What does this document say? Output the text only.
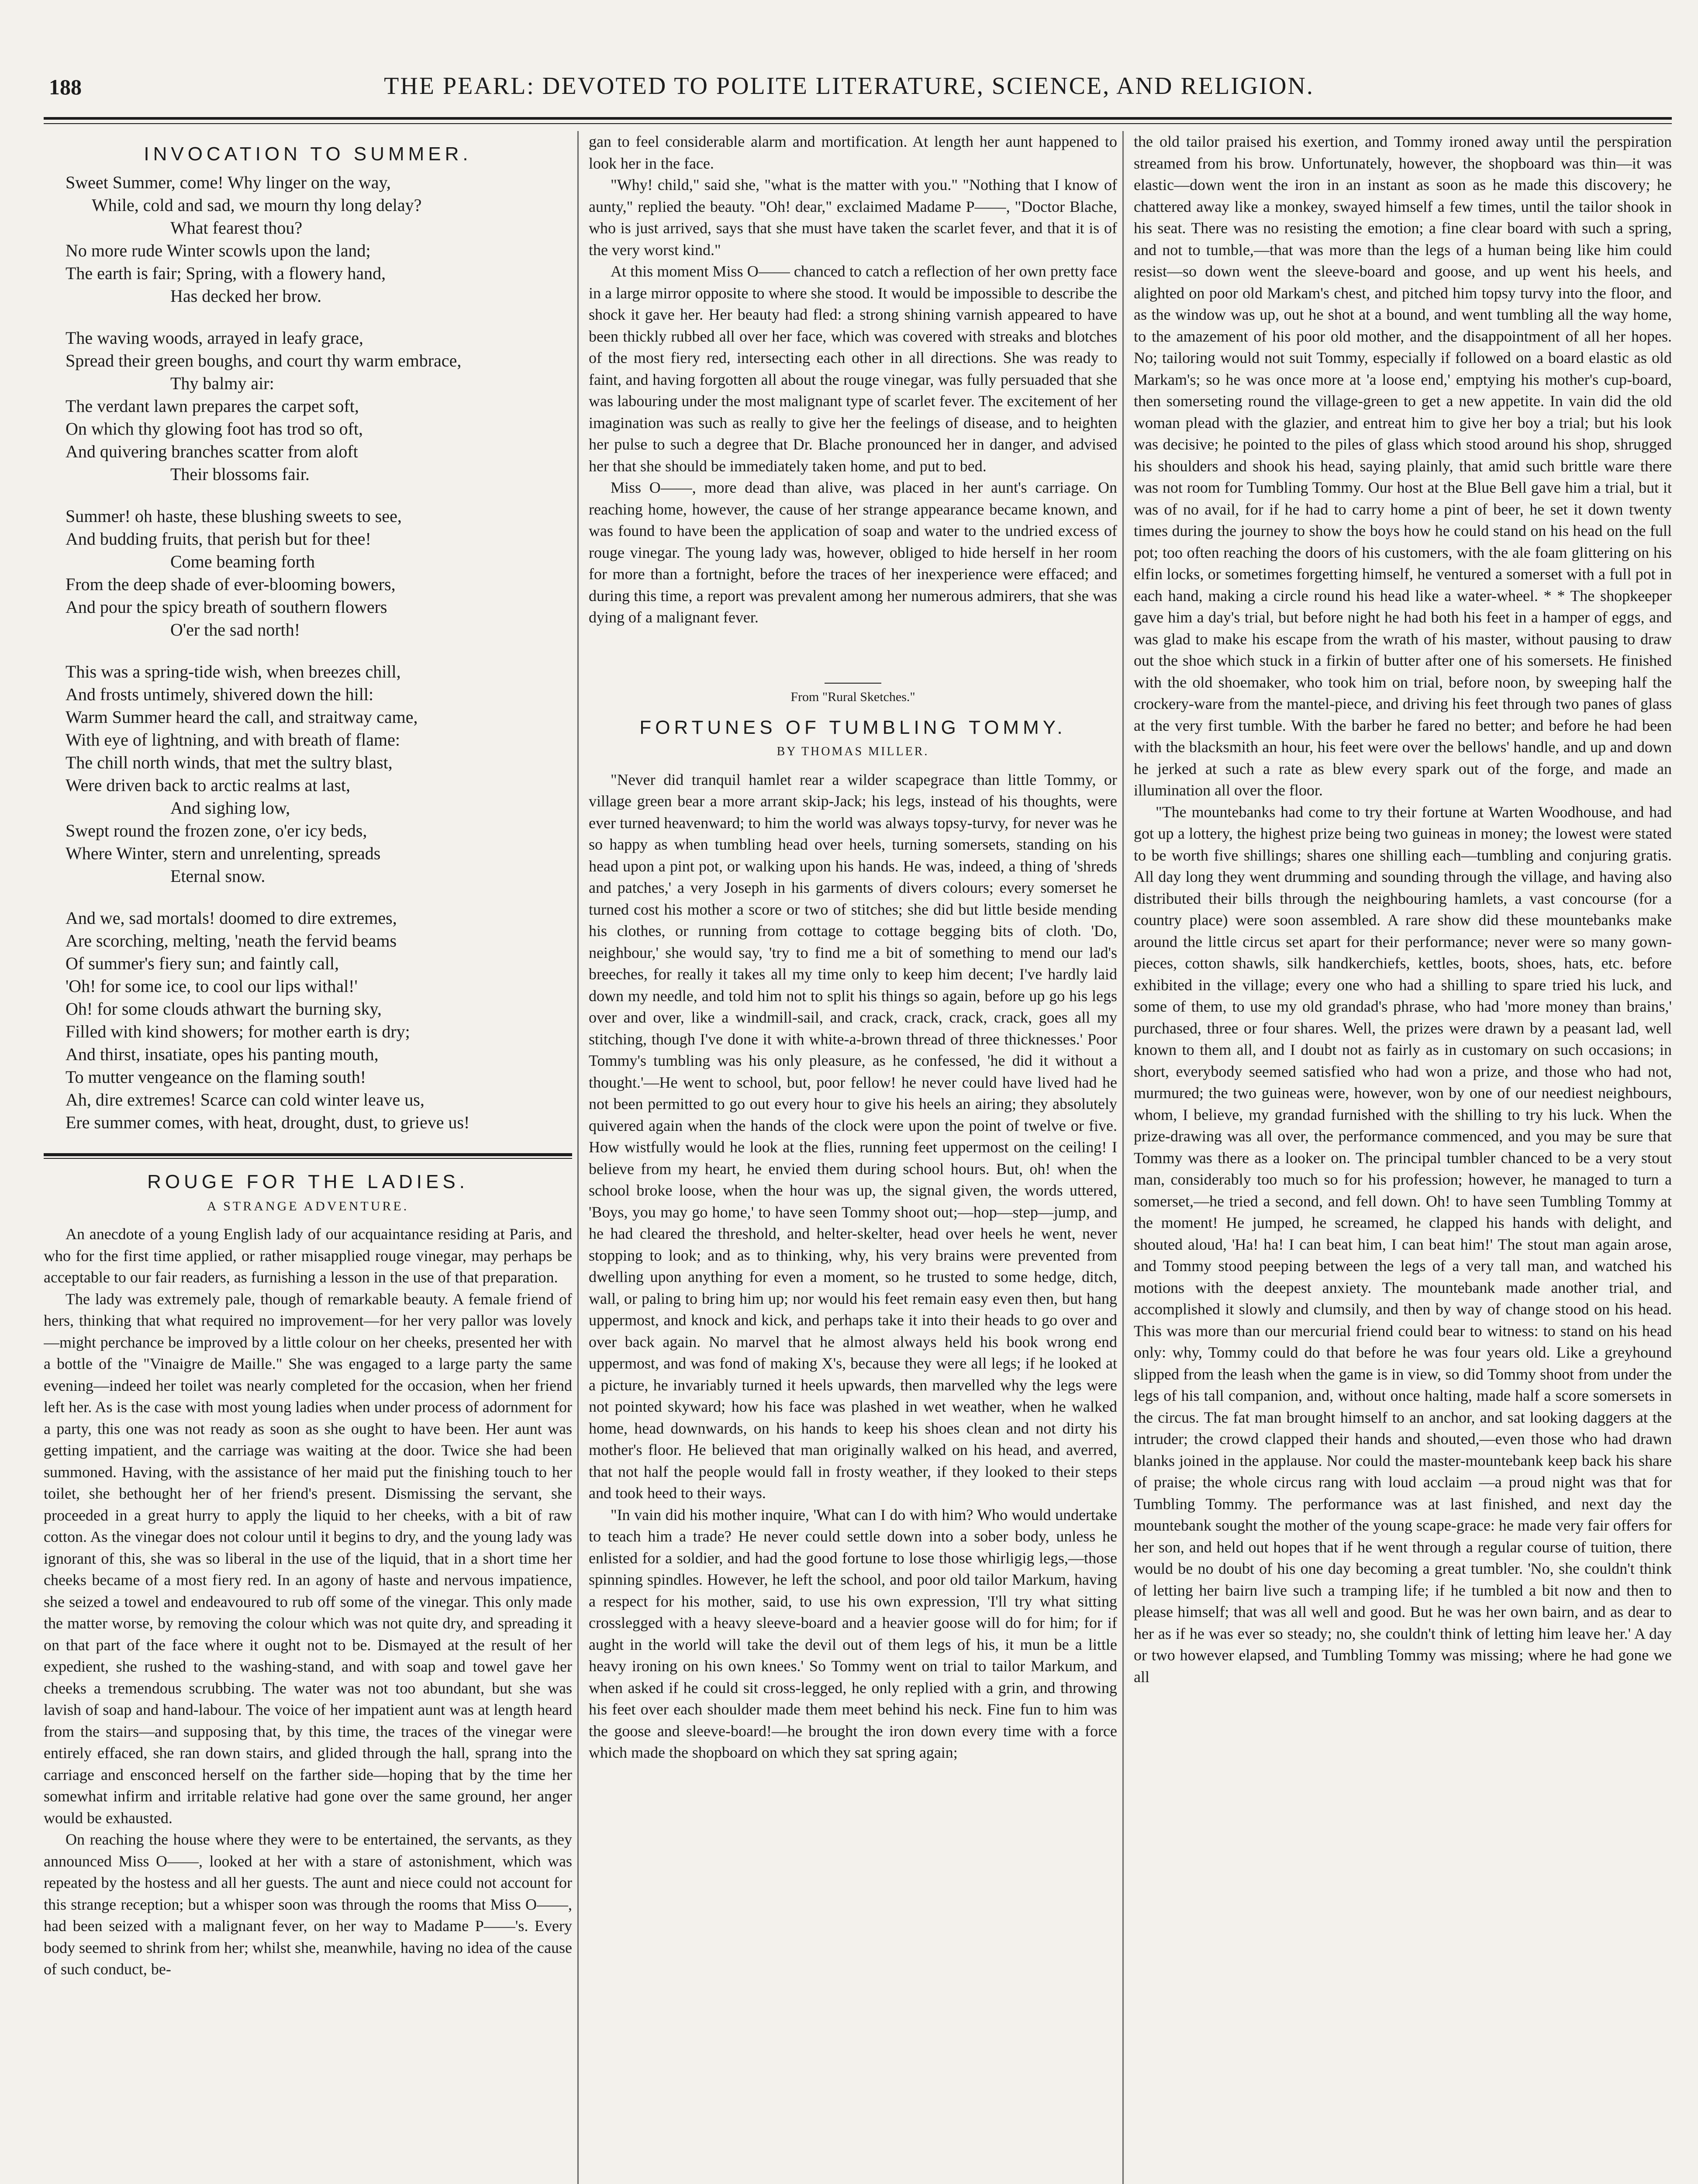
188	THE PEARL: DEVOTED TO POLITE LITERATURE, SCIENCE, AND RELIGION.
INVOCATION TO SUMMER.
Sweet Summer, come! Why linger on the way,
While, cold and sad, we mourn thy long delay?
What fearest thou?
No more rude Winter scowls upon the land;
The earth is fair; Spring, with a flowery hand,
Has decked her brow.
The waving woods, arrayed in leafy grace,
Spread their green boughs, and court thy warm embrace,
Thy balmy air:
The verdant lawn prepares the carpet soft,
On which thy glowing foot has trod so oft,
And quivering branches scatter from aloft
Their blossoms fair.
Summer! oh haste, these blushing sweets to see,
And budding fruits, that perish but for thee!
Come beaming forth
From the deep shade of ever-blooming bowers,
And pour the spicy breath of southern flowers
O'er the sad north!
This was a spring-tide wish, when breezes chill,
And frosts untimely, shivered down the hill:
Warm Summer heard the call, and straitway came,
With eye of lightning, and with breath of flame:
The chill north winds, that met the sultry blast,
Were driven back to arctic realms at last,
And sighing low,
Swept round the frozen zone, o'er icy beds,
Where Winter, stern and unrelenting, spreads
Eternal snow.
And we, sad mortals! doomed to dire extremes,
Are scorching, melting, 'neath the fervid beams
Of summer's fiery sun; and faintly call,
'Oh! for some ice, to cool our lips withal!'
Oh! for some clouds athwart the burning sky,
Filled with kind showers; for mother earth is dry;
And thirst, insatiate, opes his panting mouth,
To mutter vengeance on the flaming south!
Ah, dire extremes! Scarce can cold winter leave us,
Ere summer comes, with heat, drought, dust, to grieve us!
ROUGE FOR THE LADIES.
A STRANGE ADVENTURE.

An anecdote of a young English lady of our acquaintance residing at Paris, and who for the first time applied, or rather misapplied rouge vinegar, may perhaps be acceptable to our fair readers, as furnishing a lesson in the use of that preparation.

The lady was extremely pale, though of remarkable beauty. A female friend of hers, thinking that what required no improvement—for her very pallor was lovely—might perchance be improved by a little colour on her cheeks, presented her with a bottle of the "Vinaigre de Maille." She was engaged to a large party the same evening—indeed her toilet was nearly completed for the occasion, when her friend left her. As is the case with most young ladies when under process of adornment for a party, this one was not ready as soon as she ought to have been. Her aunt was getting impatient, and the carriage was waiting at the door. Twice she had been summoned. Having, with the assistance of her maid put the finishing touch to her toilet, she bethought her of her friend's present. Dismissing the servant, she proceeded in a great hurry to apply the liquid to her cheeks, with a bit of raw cotton. As the vinegar does not colour until it begins to dry, and the young lady was ignorant of this, she was so liberal in the use of the liquid, that in a short time her cheeks became of a most fiery red. In an agony of haste and nervous impatience, she seized a towel and endeavoured to rub off some of the vinegar. This only made the matter worse, by removing the colour which was not quite dry, and spreading it on that part of the face where it ought not to be. Dismayed at the result of her expedient, she rushed to the washing-stand, and with soap and towel gave her cheeks a tremendous scrubbing. The water was not too abundant, but she was lavish of soap and hand-labour. The voice of her impatient aunt was at length heard from the stairs—and supposing that, by this time, the traces of the vinegar were entirely effaced, she ran down stairs, and glided through the hall, sprang into the carriage and ensconced herself on the farther side—hoping that by the time her somewhat infirm and irritable relative had gone over the same ground, her anger would be exhausted.

On reaching the house where they were to be entertained, the servants, as they announced Miss O——, looked at her with a stare of astonishment, which was repeated by the hostess and all her guests. The aunt and niece could not account for this strange reception; but a whisper soon was through the rooms that Miss O——, had been seized with a malignant fever, on her way to Madame P——'s. Every body seemed to shrink from her; whilst she, meanwhile, having no idea of the cause of such conduct, be-

gan to feel considerable alarm and mortification. At length her aunt happened to look her in the face.

"Why! child," said she, "what is the matter with you." "Nothing that I know of aunty," replied the beauty. "Oh! dear," exclaimed Madame P——, "Doctor Blache, who is just arrived, says that she must have taken the scarlet fever, and that it is of the very worst kind."

At this moment Miss O—— chanced to catch a reflection of her own pretty face in a large mirror opposite to where she stood. It would be impossible to describe the shock it gave her. Her beauty had fled: a strong shining varnish appeared to have been thickly rubbed all over her face, which was covered with streaks and blotches of the most fiery red, intersecting each other in all directions. She was ready to faint, and having forgotten all about the rouge vinegar, was fully persuaded that she was labouring under the most malignant type of scarlet fever. The excitement of her imagination was such as really to give her the feelings of disease, and to heighten her pulse to such a degree that Dr. Blache pronounced her in danger, and advised her that she should be immediately taken home, and put to bed.

Miss O——, more dead than alive, was placed in her aunt's carriage. On reaching home, however, the cause of her strange appearance became known, and was found to have been the application of soap and water to the undried excess of rouge vinegar. The young lady was, however, obliged to hide herself in her room for more than a fortnight, before the traces of her inexperience were effaced; and during this time, a report was prevalent among her numerous admirers, that she was dying of a malignant fever.

From "Rural Sketches."
FORTUNES OF TUMBLING TOMMY.
BY THOMAS MILLER.

"Never did tranquil hamlet rear a wilder scapegrace than little Tommy, or village green bear a more arrant skip-Jack; his legs, instead of his thoughts, were ever turned heavenward; to him the world was always topsy-turvy, for never was he so happy as when tumbling head over heels, turning somersets, standing on his head upon a pint pot, or walking upon his hands. He was, indeed, a thing of 'shreds and patches,' a very Joseph in his garments of divers colours; every somerset he turned cost his mother a score or two of stitches; she did but little beside mending his clothes, or running from cottage to cottage begging bits of cloth. 'Do, neighbour,' she would say, 'try to find me a bit of something to mend our lad's breeches, for really it takes all my time only to keep him decent; I've hardly laid down my needle, and told him not to split his things so again, before up go his legs over and over, like a windmill-sail, and crack, crack, crack, crack, goes all my stitching, though I've done it with white-a-brown thread of three thicknesses.' Poor Tommy's tumbling was his only pleasure, as he confessed, 'he did it without a thought.'—He went to school, but, poor fellow! he never could have lived had he not been permitted to go out every hour to give his heels an airing; they absolutely quivered again when the hands of the clock were upon the point of twelve or five. How wistfully would he look at the flies, running feet uppermost on the ceiling! I believe from my heart, he envied them during school hours. But, oh! when the school broke loose, when the hour was up, the signal given, the words uttered, 'Boys, you may go home,' to have seen Tommy shoot out;—hop—step—jump, and he had cleared the threshold, and helter-skelter, head over heels he went, never stopping to look; and as to thinking, why, his very brains were prevented from dwelling upon anything for even a moment, so he trusted to some hedge, ditch, wall, or paling to bring him up; nor would his feet remain easy even then, but hang uppermost, and knock and kick, and perhaps take it into their heads to go over and over back again. No marvel that he almost always held his book wrong end uppermost, and was fond of making X's, because they were all legs; if he looked at a picture, he invariably turned it heels upwards, then marvelled why the legs were not pointed skyward; how his face was plashed in wet weather, when he walked home, head downwards, on his hands to keep his shoes clean and not dirty his mother's floor. He believed that man originally walked on his head, and averred, that not half the people would fall in frosty weather, if they looked to their steps and took heed to their ways.

"In vain did his mother inquire, 'What can I do with him? Who would undertake to teach him a trade? He never could settle down into a sober body, unless he enlisted for a soldier, and had the good fortune to lose those whirligig legs,—those spinning spindles. However, he left the school, and poor old tailor Markum, having a respect for his mother, said, to use his own expression, 'I'll try what sitting crosslegged with a heavy sleeve-board and a heavier goose will do for him; for if aught in the world will take the devil out of them legs of his, it mun be a little heavy ironing on his own knees.' So Tommy went on trial to tailor Markum, and when asked if he could sit cross-legged, he only replied with a grin, and throwing his feet over each shoulder made them meet behind his neck. Fine fun to him was the goose and sleeve-board!—he brought the iron down every time with a force which made the shopboard on which they sat spring again;

the old tailor praised his exertion, and Tommy ironed away until the perspiration streamed from his brow. Unfortunately, however, the shopboard was thin—it was elastic—down went the iron in an instant as soon as he made this discovery; he chattered away like a monkey, swayed himself a few times, until the tailor shook in his seat. There was no resisting the emotion; a fine clear board with such a spring, and not to tumble,—that was more than the legs of a human being like him could resist—so down went the sleeve-board and goose, and up went his heels, and alighted on poor old Markam's chest, and pitched him topsy turvy into the floor, and as the window was up, out he shot at a bound, and went tumbling all the way home, to the amazement of his poor old mother, and the disappointment of all her hopes. No; tailoring would not suit Tommy, especially if followed on a board elastic as old Markam's; so he was once more at 'a loose end,' emptying his mother's cup-board, then somerseting round the village-green to get a new appetite. In vain did the old woman plead with the glazier, and entreat him to give her boy a trial; but his look was decisive; he pointed to the piles of glass which stood around his shop, shrugged his shoulders and shook his head, saying plainly, that amid such brittle ware there was not room for Tumbling Tommy. Our host at the Blue Bell gave him a trial, but it was of no avail, for if he had to carry home a pint of beer, he set it down twenty times during the journey to show the boys how he could stand on his head on the full pot; too often reaching the doors of his customers, with the ale foam glittering on his elfin locks, or sometimes forgetting himself, he ventured a somerset with a full pot in each hand, making a circle round his head like a water-wheel. * * The shopkeeper gave him a day's trial, but before night he had both his feet in a hamper of eggs, and was glad to make his escape from the wrath of his master, without pausing to draw out the shoe which stuck in a firkin of butter after one of his somersets. He finished with the old shoemaker, who took him on trial, before noon, by sweeping half the crockery-ware from the mantel-piece, and driving his feet through two panes of glass at the very first tumble. With the barber he fared no better; and before he had been with the blacksmith an hour, his feet were over the bellows' handle, and up and down he jerked at such a rate as blew every spark out of the forge, and made an illumination all over the floor.

"The mountebanks had come to try their fortune at Warten Woodhouse, and had got up a lottery, the highest prize being two guineas in money; the lowest were stated to be worth five shillings; shares one shilling each—tumbling and conjuring gratis. All day long they went drumming and sounding through the village, and having also distributed their bills through the neighbouring hamlets, a vast concourse (for a country place) were soon assembled. A rare show did these mountebanks make around the little circus set apart for their performance; never were so many gown-pieces, cotton shawls, silk handkerchiefs, kettles, boots, shoes, hats, etc. before exhibited in the village; every one who had a shilling to spare tried his luck, and some of them, to use my old grandad's phrase, who had 'more money than brains,' purchased, three or four shares. Well, the prizes were drawn by a peasant lad, well known to them all, and I doubt not as fairly as in customary on such occasions; in short, everybody seemed satisfied who had won a prize, and those who had not, murmured; the two guineas were, however, won by one of our neediest neighbours, whom, I believe, my grandad furnished with the shilling to try his luck. When the prize-drawing was all over, the performance commenced, and you may be sure that Tommy was there as a looker on. The principal tumbler chanced to be a very stout man, considerably too much so for his profession; however, he managed to turn a somerset,—he tried a second, and fell down. Oh! to have seen Tumbling Tommy at the moment! He jumped, he screamed, he clapped his hands with delight, and shouted aloud, 'Ha! ha! I can beat him, I can beat him!' The stout man again arose, and Tommy stood peeping between the legs of a very tall man, and watched his motions with the deepest anxiety. The mountebank made another trial, and accomplished it slowly and clumsily, and then by way of change stood on his head. This was more than our mercurial friend could bear to witness: to stand on his head only: why, Tommy could do that before he was four years old. Like a greyhound slipped from the leash when the game is in view, so did Tommy shoot from under the legs of his tall companion, and, without once halting, made half a score somersets in the circus. The fat man brought himself to an anchor, and sat looking daggers at the intruder; the crowd clapped their hands and shouted,—even those who had drawn blanks joined in the applause. Nor could the master-mountebank keep back his share of praise; the whole circus rang with loud acclaim —a proud night was that for Tumbling Tommy. The performance was at last finished, and next day the mountebank sought the mother of the young scape-grace: he made very fair offers for her son, and held out hopes that if he went through a regular course of tuition, there would be no doubt of his one day becoming a great tumbler. 'No, she couldn't think of letting her bairn live such a tramping life; if he tumbled a bit now and then to please himself; that was all well and good. But he was her own bairn, and as dear to her as if he was ever so steady; no, she couldn't think of letting him leave her.' A day or two however elapsed, and Tumbling Tommy was missing; where he had gone we all
